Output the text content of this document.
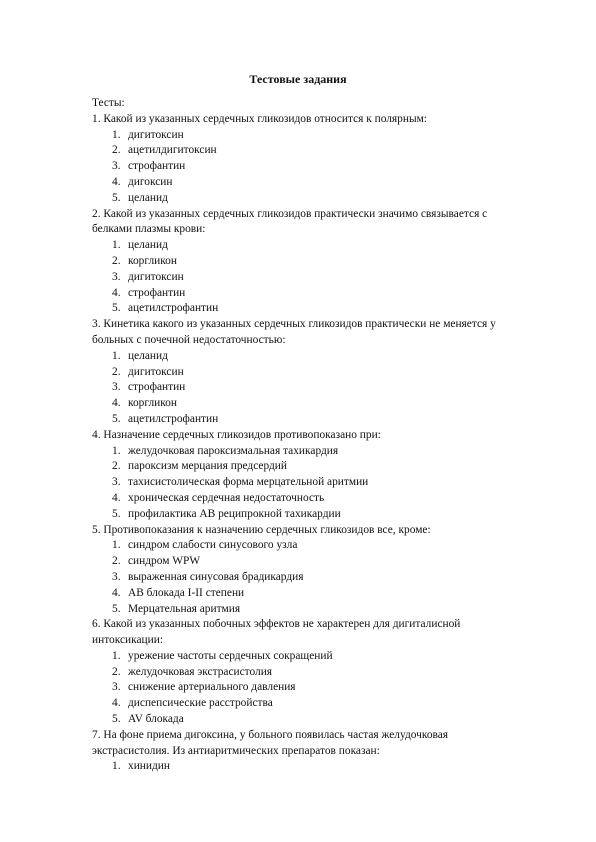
Тестовые задания
Тесты:
1. Какой из указанных сердечных гликозидов относится к полярным:
1. дигитоксин
2. ацетилдигитоксин
3. строфантин
4. дигоксин
5. целанид
2. Какой из указанных сердечных гликозидов практически значимо связывается с
белками плазмы крови:
1. целанид
2. коргликон
3. дигитоксин
4. строфантин
5. ацетилстрофантин
3. Кинетика какого из указанных сердечных гликозидов практически не меняется у
больных с почечной недостаточностью:
1. целанид
2. дигитоксин
3. строфантин
4. коргликон
5. ацетилстрофантин
4. Назначение сердечных гликозидов противопоказано при:
1. желудочковая пароксизмальная тахикардия
2. пароксизм мерцания предсердий
3. тахисистолическая форма мерцательной аритмии
4. хроническая сердечная недостаточность
5. профилактика АВ реципрокной тахикардии
5. Противопоказания к назначению сердечных гликозидов все, кроме:
1. синдром слабости синусового узла
2. синдром WPW
3. выраженная синусовая брадикардия
4. АВ блокада I-II степени
5. Мерцательная аритмия
6. Какой из указанных побочных эффектов не характерен для дигиталисной
интоксикации:
1. урежение частоты сердечных сокращений
2. желудочковая экстрасистолия
3. снижение артериального давления
4. диспепсические расстройства
5. AV блокада
7. На фоне приема дигоксина, у больного появилась частая желудочковая
экстрасистолия. Из антиаритмических препаратов показан:
1. хинидин
